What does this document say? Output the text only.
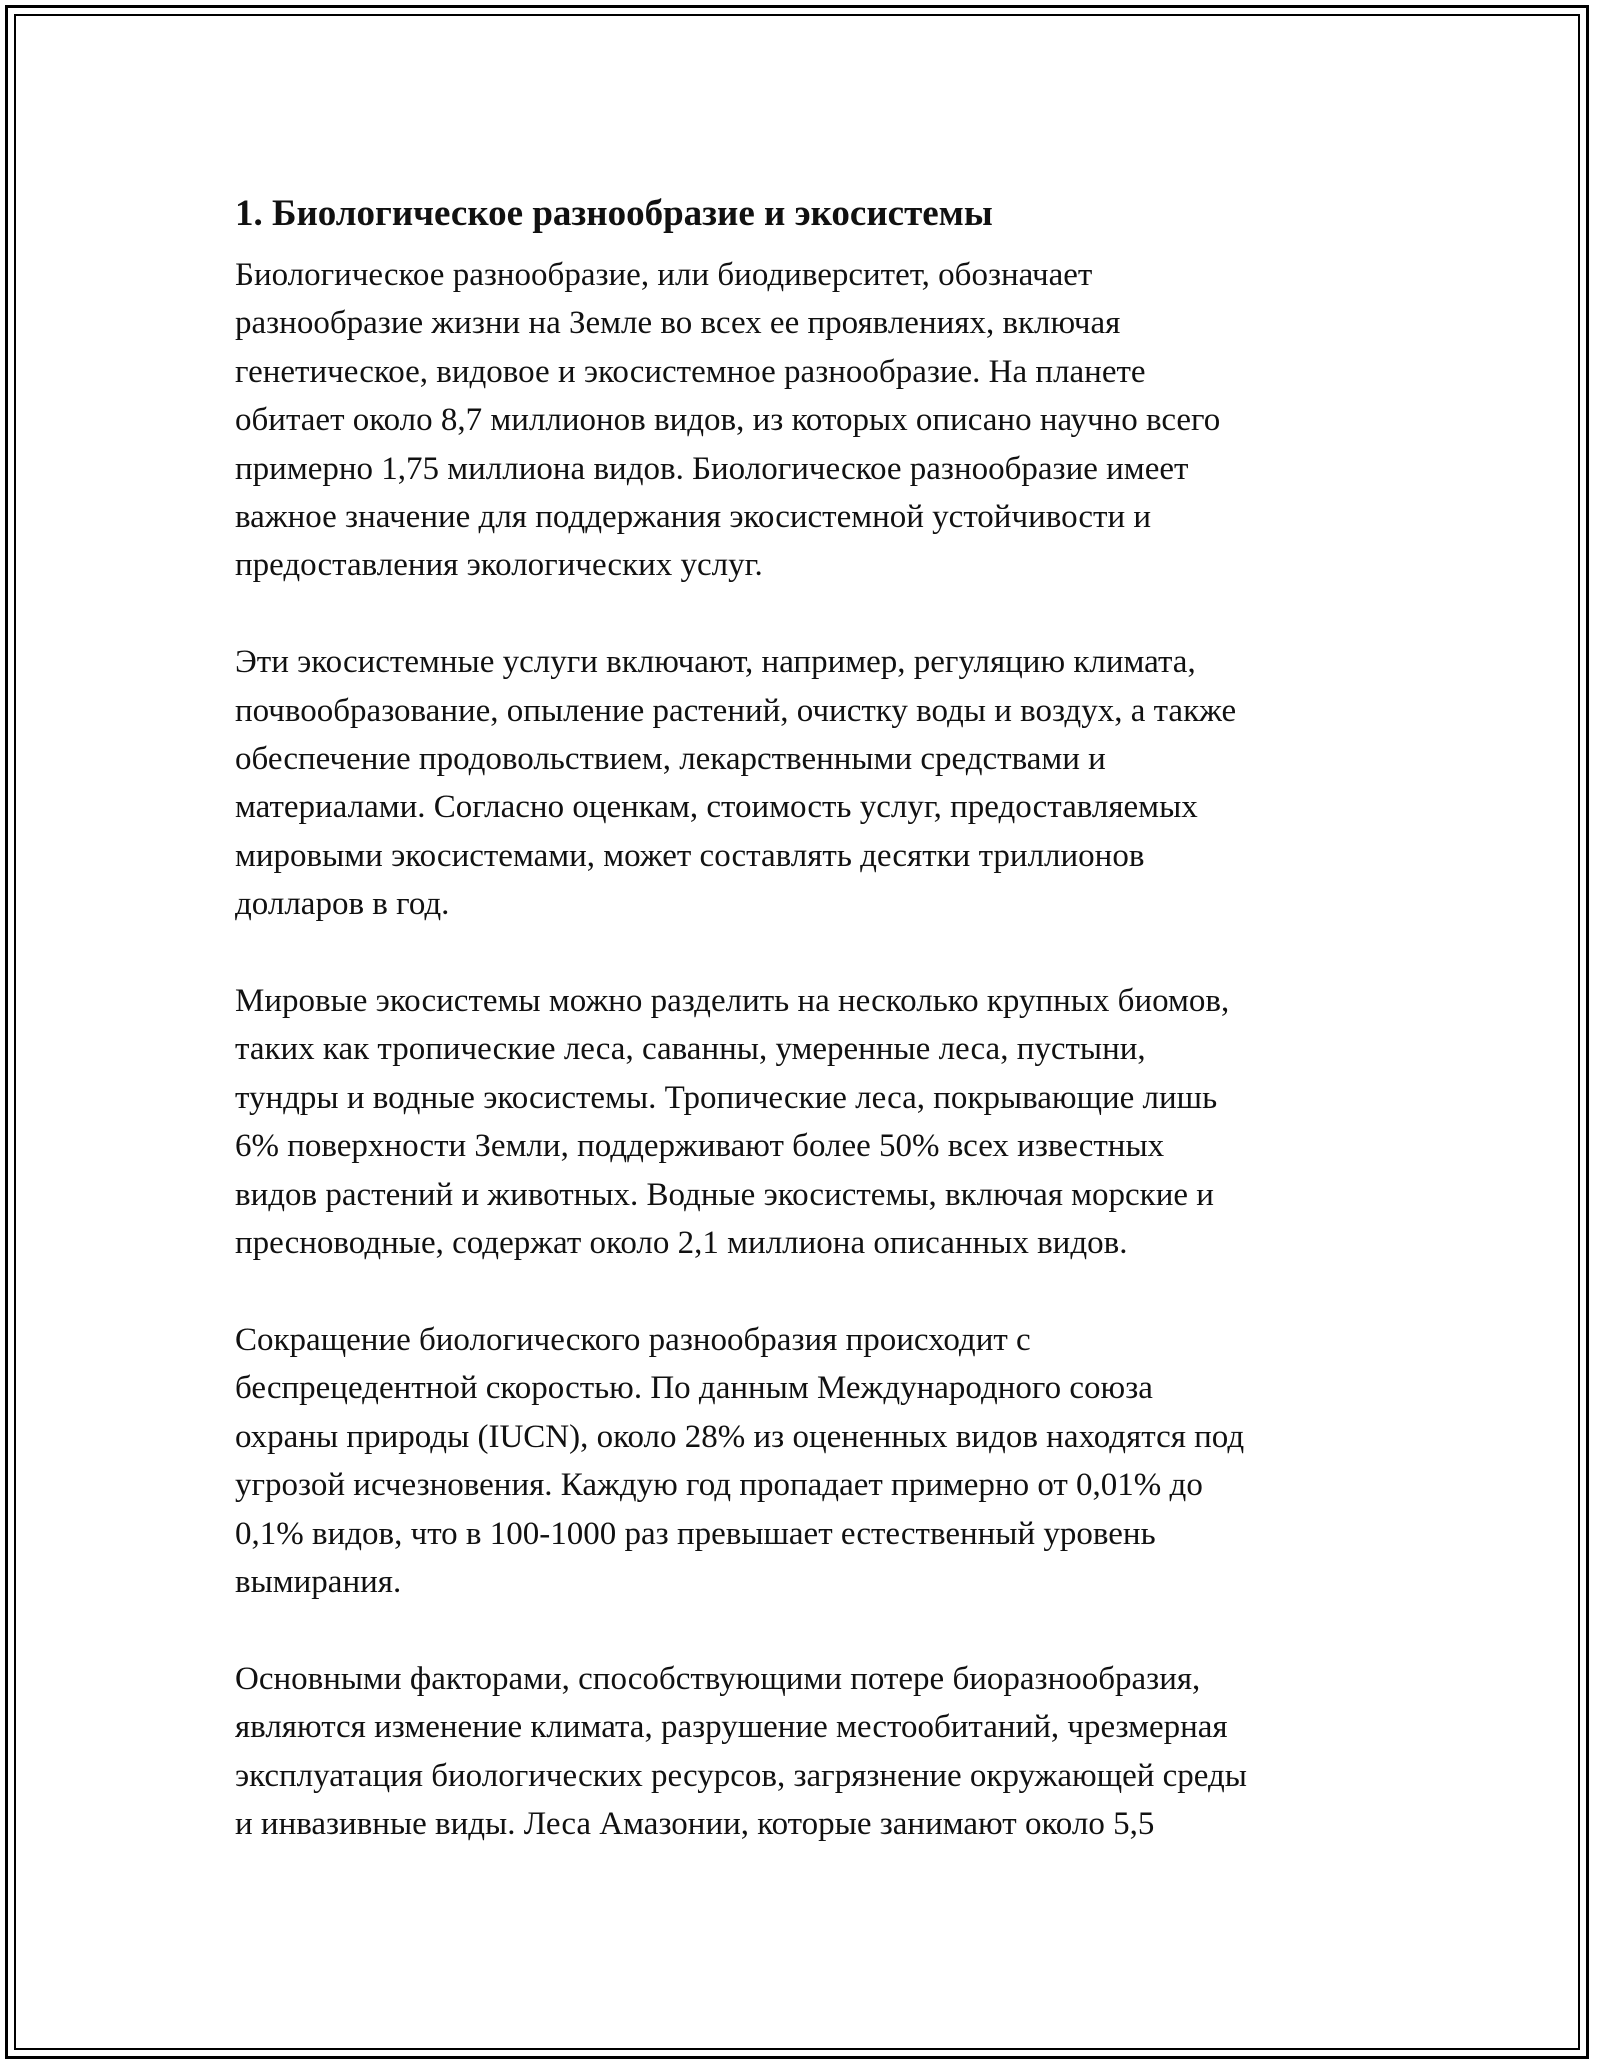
1. Биологическое разнообразие и экосистемы

Биологическое разнообразие, или биодиверситет, обозначает
разнообразие жизни на Земле во всех ее проявлениях, включая
генетическое, видовое и экосистемное разнообразие. На планете
обитает около 8,7 миллионов видов, из которых описано научно всего
примерно 1,75 миллиона видов. Биологическое разнообразие имеет
важное значение для поддержания экосистемной устойчивости и
предоставления экологических услуг.

Эти экосистемные услуги включают, например, регуляцию климата,
почвообразование, опыление растений, очистку воды и воздух, а также
обеспечение продовольствием, лекарственными средствами и
материалами. Согласно оценкам, стоимость услуг, предоставляемых
мировыми экосистемами, может составлять десятки триллионов
долларов в год.

Мировые экосистемы можно разделить на несколько крупных биомов,
таких как тропические леса, саванны, умеренные леса, пустыни,
тундры и водные экосистемы. Тропические леса, покрывающие лишь
6% поверхности Земли, поддерживают более 50% всех известных
видов растений и животных. Водные экосистемы, включая морские и
пресноводные, содержат около 2,1 миллиона описанных видов.

Сокращение биологического разнообразия происходит с
беспрецедентной скоростью. По данным Международного союза
охраны природы (IUCN), около 28% из оцененных видов находятся под
угрозой исчезновения. Каждую год пропадает примерно от 0,01% до
0,1% видов, что в 100-1000 раз превышает естественный уровень
вымирания.

Основными факторами, способствующими потере биоразнообразия,
являются изменение климата, разрушение местообитаний, чрезмерная
эксплуатация биологических ресурсов, загрязнение окружающей среды
и инвазивные виды. Леса Амазонии, которые занимают около 5,5
